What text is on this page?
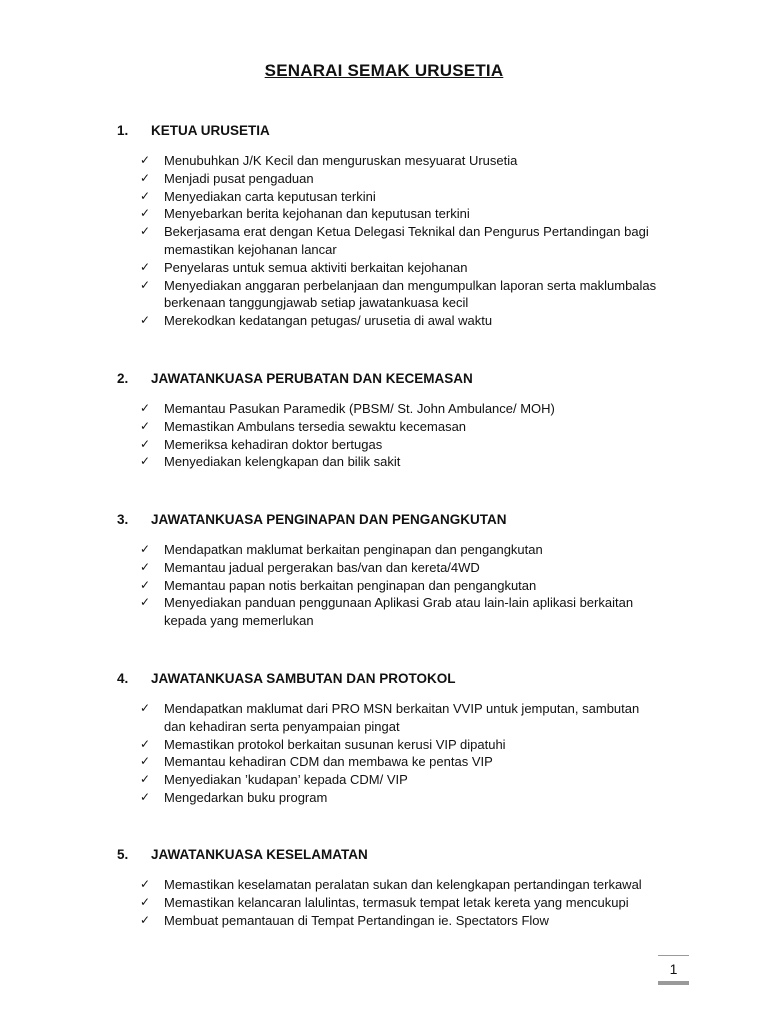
SENARAI SEMAK URUSETIA
1. KETUA URUSETIA
✓ Menubuhkan J/K Kecil dan menguruskan mesyuarat Urusetia
✓ Menjadi pusat pengaduan
✓ Menyediakan carta keputusan terkini
✓ Menyebarkan berita kejohanan dan keputusan terkini
✓ Bekerjasama erat dengan Ketua Delegasi Teknikal dan Pengurus Pertandingan bagi memastikan kejohanan lancar
✓ Penyelaras untuk semua aktiviti berkaitan kejohanan
✓ Menyediakan anggaran perbelanjaan dan mengumpulkan laporan serta maklumbalas berkenaan tanggungjawab setiap jawatankuasa kecil
✓ Merekodkan kedatangan petugas/ urusetia di awal waktu
2. JAWATANKUASA PERUBATAN DAN KECEMASAN
✓ Memantau Pasukan Paramedik (PBSM/ St. John Ambulance/ MOH)
✓ Memastikan Ambulans tersedia sewaktu kecemasan
✓ Memeriksa kehadiran doktor bertugas
✓ Menyediakan kelengkapan dan bilik sakit
3. JAWATANKUASA PENGINAPAN DAN PENGANGKUTAN
✓ Mendapatkan maklumat berkaitan penginapan dan pengangkutan
✓ Memantau jadual pergerakan bas/van dan kereta/4WD
✓ Memantau papan notis berkaitan penginapan dan pengangkutan
✓ Menyediakan panduan penggunaan Aplikasi Grab atau lain-lain aplikasi berkaitan kepada yang memerlukan
4. JAWATANKUASA SAMBUTAN DAN PROTOKOL
✓ Mendapatkan maklumat dari PRO MSN berkaitan VVIP untuk jemputan, sambutan dan kehadiran serta penyampaian pingat
✓ Memastikan protokol berkaitan susunan kerusi VIP dipatuhi
✓ Memantau kehadiran CDM dan membawa ke pentas VIP
✓ Menyediakan ’kudapan’ kepada CDM/ VIP
✓ Mengedarkan buku program
5. JAWATANKUASA KESELAMATAN
✓ Memastikan keselamatan peralatan sukan dan kelengkapan pertandingan terkawal
✓ Memastikan kelancaran lalulintas, termasuk tempat letak kereta yang mencukupi
✓ Membuat pemantauan di Tempat Pertandingan ie. Spectators Flow
1
